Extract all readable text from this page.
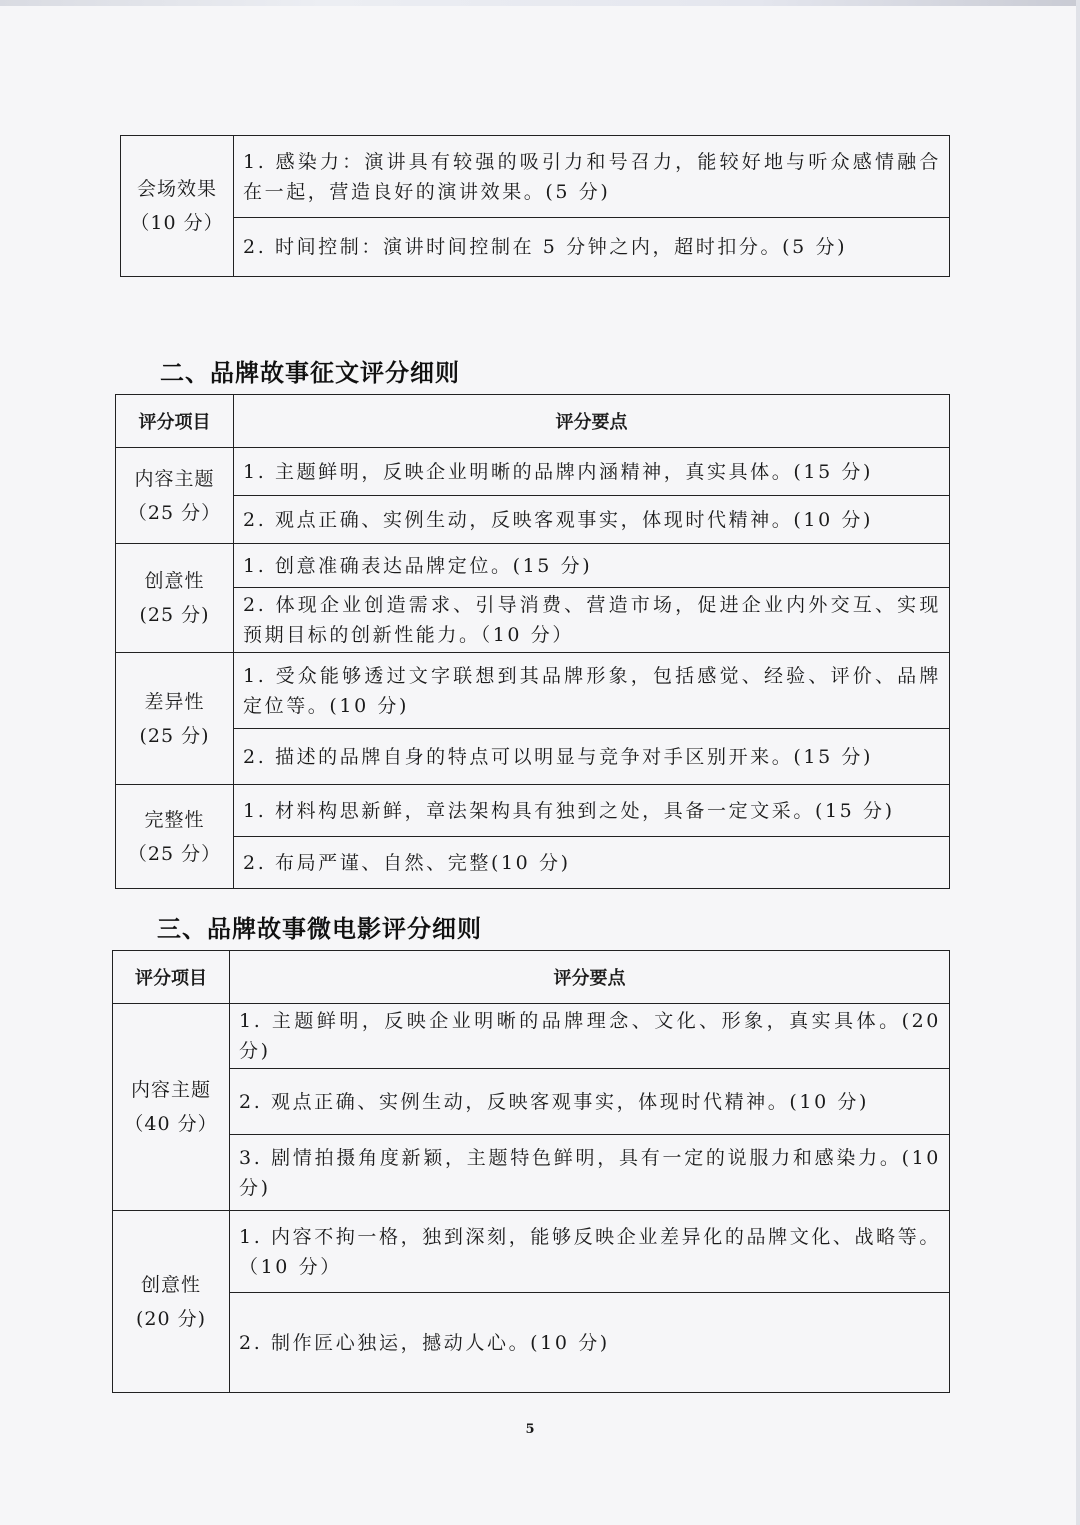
会场效果
（10 分）
	1. 感染力：演讲具有较强的吸引力和号召力，能较好地与听众感情融合在一起，营造良好的演讲效果。(5 分)
2. 时间控制：演讲时间控制在 5 分钟之内，超时扣分。(5 分)
二、品牌故事征文评分细则
评分项目	评分要点

内容主题
（25 分）	1. 主题鲜明，反映企业明晰的品牌内涵精神，真实具体。(15 分)
	2. 观点正确、实例生动，反映客观事实，体现时代精神。(10 分)

创意性
(25 分)	1. 创意准确表达品牌定位。(15 分)
	2. 体现企业创造需求、引导消费、营造市场，促进企业内外交互、实现预期目标的创新性能力。（10 分）

差异性
(25 分)	1. 受众能够透过文字联想到其品牌形象，包括感觉、经验、评价、品牌定位等。(10 分)
	2. 描述的品牌自身的特点可以明显与竞争对手区别开来。(15 分)

完整性
（25 分）	1. 材料构思新鲜，章法架构具有独到之处，具备一定文采。(15 分)
	2. 布局严谨、自然、完整(10 分)
三、品牌故事微电影评分细则
评分项目	评分要点

内容主题
（40 分）	1. 主题鲜明，反映企业明晰的品牌理念、文化、形象，真实具体。(20 分)
	2. 观点正确、实例生动，反映客观事实，体现时代精神。(10 分)
	3. 剧情拍摄角度新颖，主题特色鲜明，具有一定的说服力和感染力。(10 分)

创意性
(20 分)	1. 内容不拘一格，独到深刻，能够反映企业差异化的品牌文化、战略等。（10 分）
	2. 制作匠心独运，撼动人心。(10 分)
5
